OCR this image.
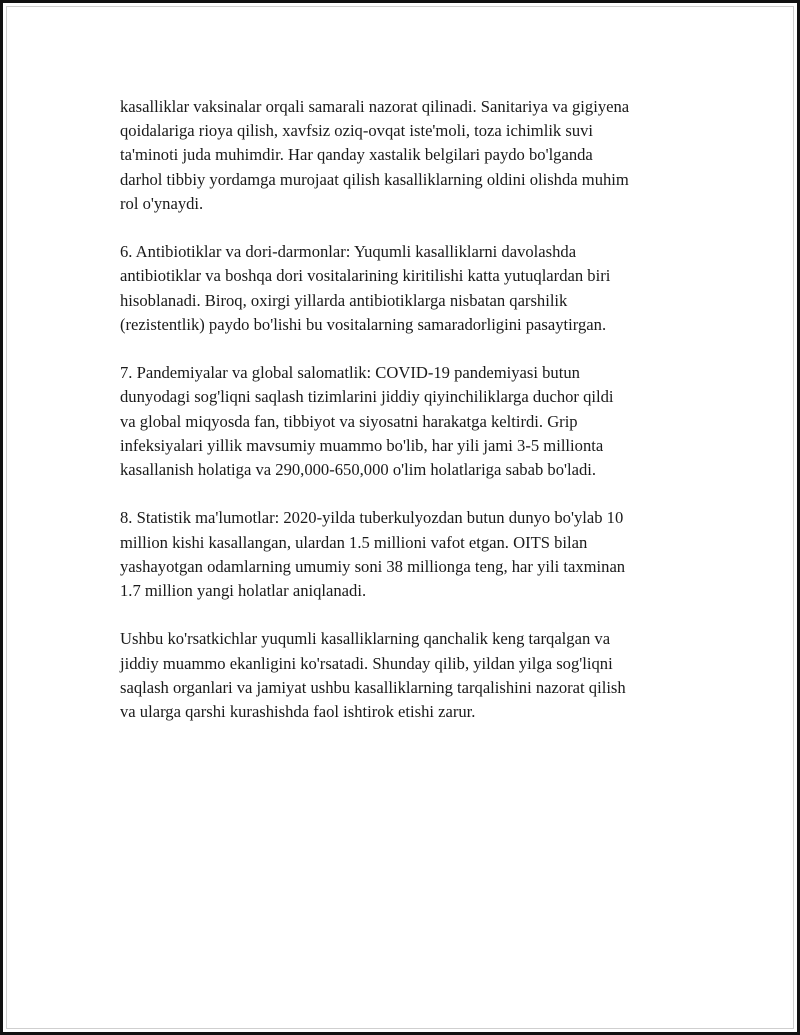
kasalliklar vaksinalar orqali samarali nazorat qilinadi. Sanitariya va gigiyena
qoidalariga rioya qilish, xavfsiz oziq-ovqat iste'moli, toza ichimlik suvi
ta'minoti juda muhimdir. Har qanday xastalik belgilari paydo bo'lganda
darhol tibbiy yordamga murojaat qilish kasalliklarning oldini olishda muhim
rol o'ynaydi.

6. Antibiotiklar va dori-darmonlar: Yuqumli kasalliklarni davolashda
antibiotiklar va boshqa dori vositalarining kiritilishi katta yutuqlardan biri
hisoblanadi. Biroq, oxirgi yillarda antibiotiklarga nisbatan qarshilik
(rezistentlik) paydo bo'lishi bu vositalarning samaradorligini pasaytirgan.

7. Pandemiyalar va global salomatlik: COVID-19 pandemiyasi butun
dunyodagi sog'liqni saqlash tizimlarini jiddiy qiyinchiliklarga duchor qildi
va global miqyosda fan, tibbiyot va siyosatni harakatga keltirdi. Grip
infeksiyalari yillik mavsumiy muammo bo'lib, har yili jami 3-5 millionta
kasallanish holatiga va 290,000-650,000 o'lim holatlariga sabab bo'ladi.

8. Statistik ma'lumotlar: 2020-yilda tuberkulyozdan butun dunyo bo'ylab 10
million kishi kasallangan, ulardan 1.5 millioni vafot etgan. OITS bilan
yashayotgan odamlarning umumiy soni 38 millionga teng, har yili taxminan
1.7 million yangi holatlar aniqlanadi.

Ushbu ko'rsatkichlar yuqumli kasalliklarning qanchalik keng tarqalgan va
jiddiy muammo ekanligini ko'rsatadi. Shunday qilib, yildan yilga sog'liqni
saqlash organlari va jamiyat ushbu kasalliklarning tarqalishini nazorat qilish
va ularga qarshi kurashishda faol ishtirok etishi zarur.
